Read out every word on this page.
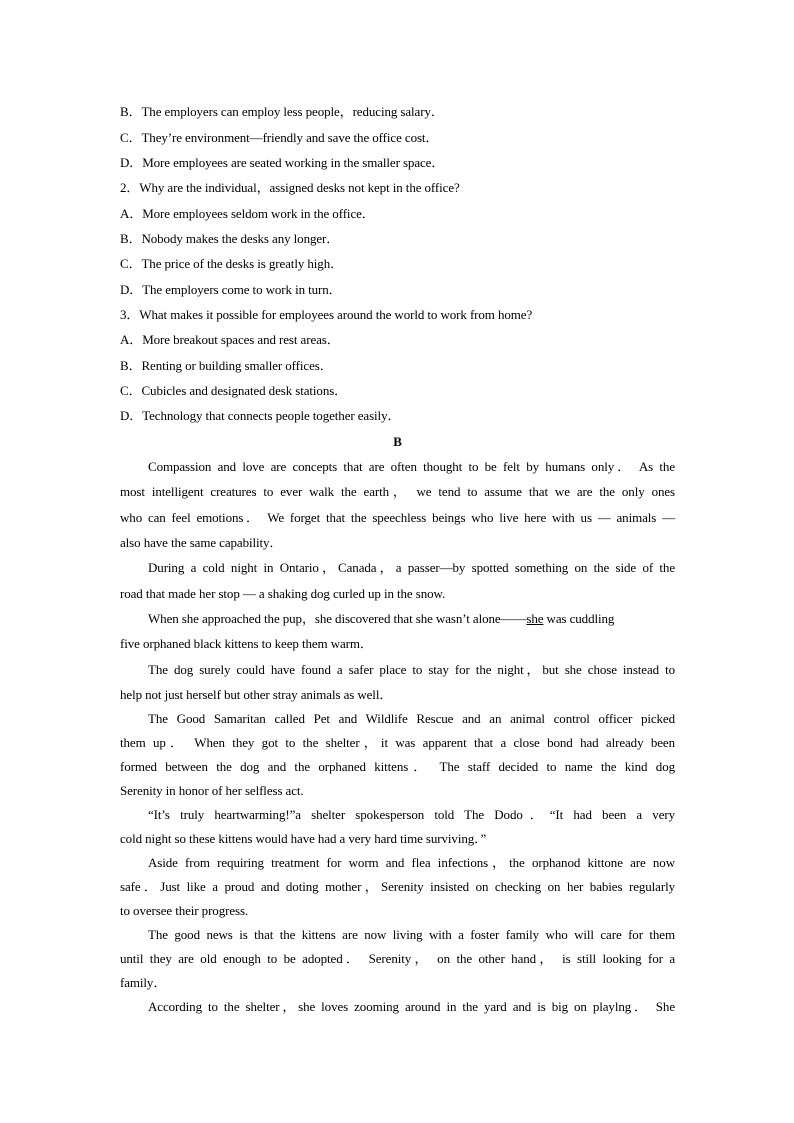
B．The employers can employ less people，reducing salary．
C．They’re environment—friendly and save the office cost．
D．More employees are seated working in the smaller space．
2．Why are the individual，assigned desks not kept in the office?
A．More employees seldom work in the office．
B．Nobody makes the desks any longer．
C．The price of the desks is greatly high．
D．The employers come to work in turn．
3．What makes it possible for employees around the world to work from home?
A．More breakout spaces and rest areas．
B．Renting or building smaller offices．
C．Cubicles and designated desk stations．
D．Technology that connects people together easily．
B
Compassion and love are concepts that are often thought to be felt by humans only． As the
most intelligent creatures to ever walk the earth， we tend to assume that we are the only ones
who can feel emotions． We forget that the speechless beings who live here with us — animals —
also have the same capability．
During a cold night in Ontario，Canada，a passer—by spotted something on the side of the
road that made her stop — a shaking dog curled up in the snow.
When she approached the pup，she discovered that she wasn’t alone——she was cuddling
five orphaned black kittens to keep them warm．
The dog surely could have found a safer place to stay for the night，but she chose instead to
help not just herself but other stray animals as well．
The Good Samaritan called Pet and Wildlife Rescue and an animal control officer picked
them up． When they got to the shelter，it was apparent that a close bond had already been
formed between the dog and the orphaned kittens． The staff decided to name the kind dog
Serenity in honor of her selfless act.
“It’s truly heartwarming!”a shelter spokesperson told The Dodo．“It had been a very
cold night so these kittens would have had a very hard time surviving．”
Aside from requiring treatment for worm and flea infections，the orphanod kittone are now
safe．Just like a proud and doting mother，Serenity insisted on checking on her babies regularly
to oversee their progress.
The good news is that the kittens are now living with a foster family who will care for them
until they are old enough to be adopted． Serenity， on the other hand， is still looking for a
family．
According to the shelter，she loves zooming around in the yard and is big on playlng． She
